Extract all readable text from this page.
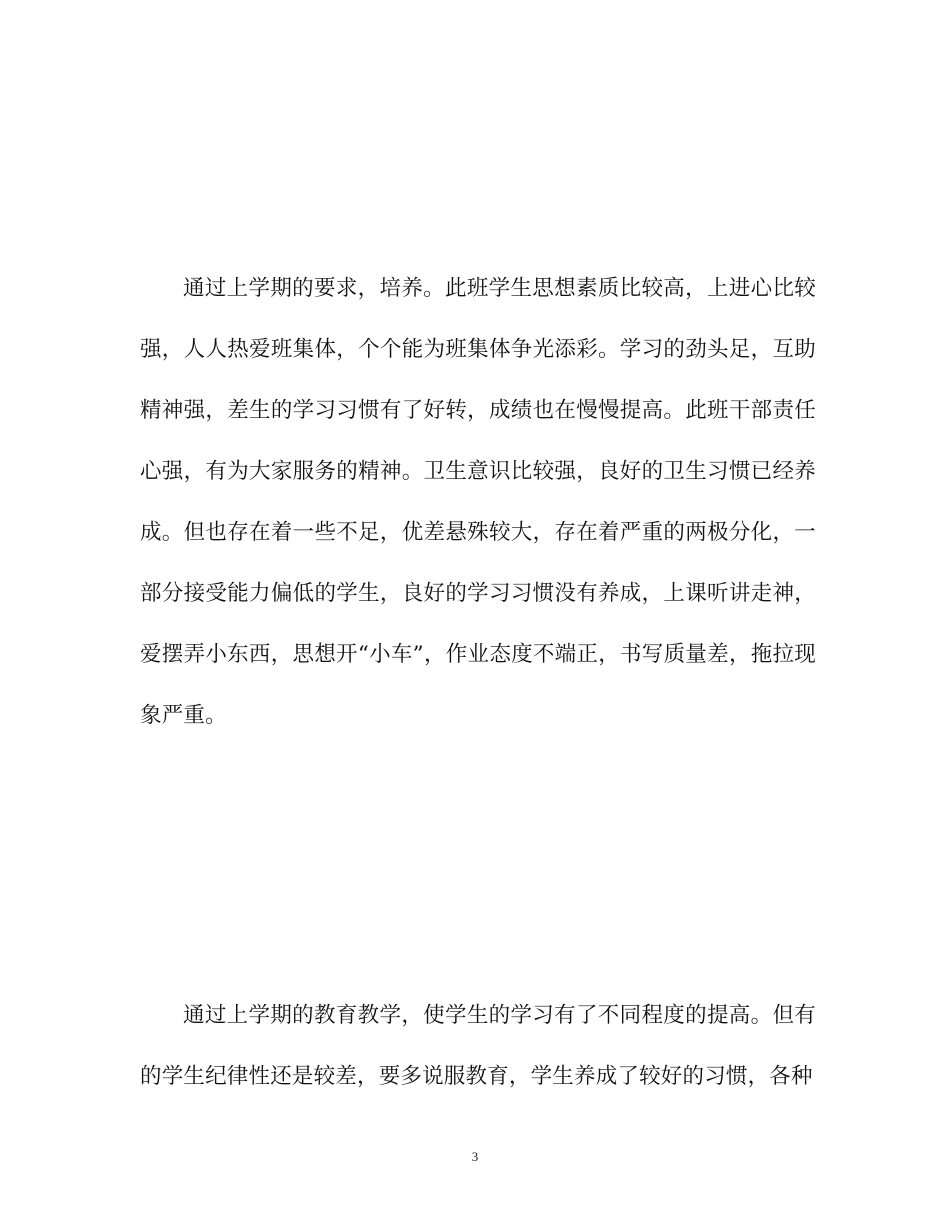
通过上学期的要求，培养。此班学生思想素质比较高，上进心比较强，人人热爱班集体，个个能为班集体争光添彩。学习的劲头足，互助精神强，差生的学习习惯有了好转，成绩也在慢慢提高。此班干部责任心强，有为大家服务的精神。卫生意识比较强，良好的卫生习惯已经养成。但也存在着一些不足，优差悬殊较大，存在着严重的两极分化，一部分接受能力偏低的学生，良好的学习习惯没有养成，上课听讲走神，爱摆弄小东西，思想开“小车”，作业态度不端正，书写质量差，拖拉现象严重。

通过上学期的教育教学，使学生的学习有了不同程度的提高。但有的学生纪律性还是较差，要多说服教育，学生养成了较好的习惯，各种

3
